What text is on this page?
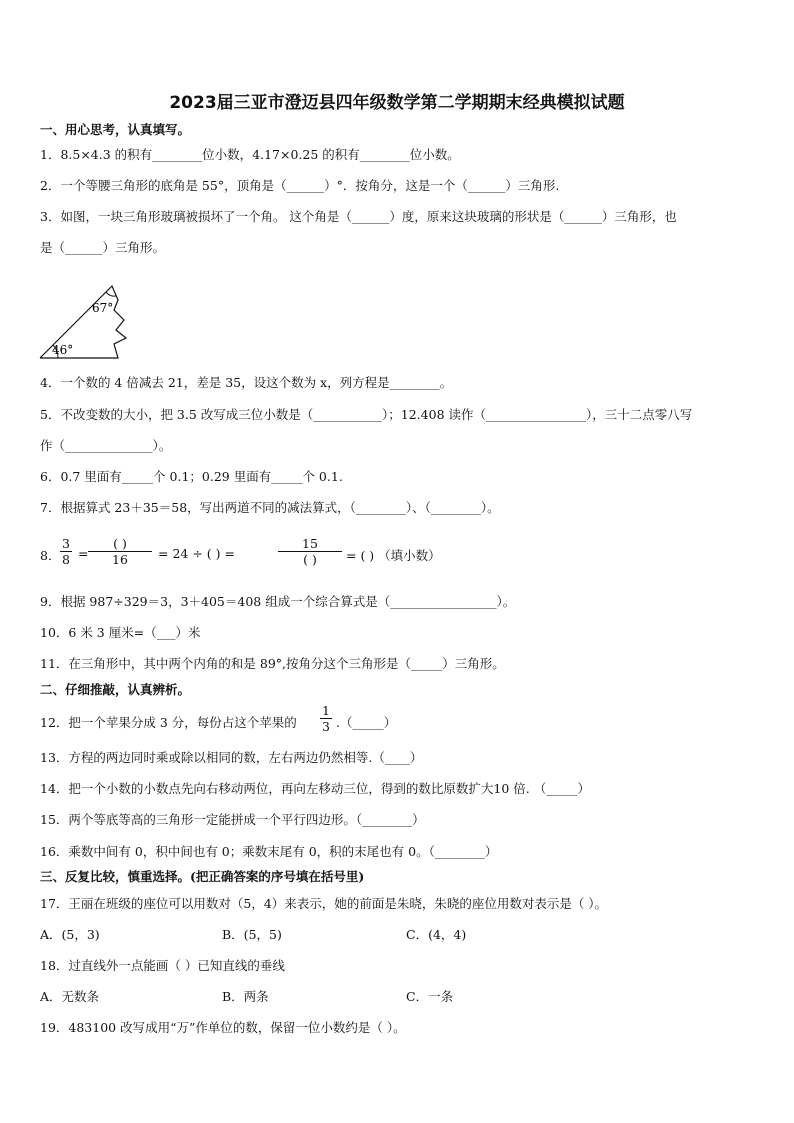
2023届三亚市澄迈县四年级数学第二学期期末经典模拟试题
一、用心思考，认真填写。
1．8.5×4.3 的积有________位小数，4.17×0.25 的积有________位小数。
2．一个等腰三角形的底角是 55°，顶角是（______）°．按角分，这是一个（______）三角形.
3．如图，一块三角形玻璃被损坏了一个角。 这个角是（______）度，原来这块玻璃的形状是（______）三角形，也
是（______）三角形。
67°
46°
4．一个数的 4 倍减去 21，差是 35，设这个数为 x，列方程是________。
5．不改变数的大小，把 3.5 改写成三位小数是（___________）；12.408 读作（________________），三十二点零八写
作（______________）。
6．0.7 里面有_____个 0.1；0.29 里面有_____个 0.1.
7．根据算式 23＋35＝58，写出两道不同的减法算式，（________）、（________）。
8． $\frac{3}{8}$ =
( )
16	= 24 ÷ ( ) =
15
( )	= ( ) （填小数）
9．根据 987÷329＝3，3＋405＝408 组成一个综合算式是（_________________）。
10．6 米 3 厘米=（___）米
11．在三角形中，其中两个内角的和是 89°,按角分这个三角形是（_____）三角形。
二、仔细推敲，认真辨析。
12．把一个苹果分成 3 分，每份占这个苹果的 $\frac{1}{3}$ .（_____）
13．方程的两边同时乘或除以相同的数，左右两边仍然相等.（____）
14．把一个小数的小数点先向右移动两位，再向左移动三位，得到的数比原数扩大10 倍. （_____）
15．两个等底等高的三角形一定能拼成一个平行四边形。（________）
16．乘数中间有 0，积中间也有 0；乘数末尾有 0，积的末尾也有 0。（________）
三、反复比较，慎重选择。(把正确答案的序号填在括号里)
17．王丽在班级的座位可以用数对（5，4）来表示，她的前面是朱晓，朱晓的座位用数对表示是（ ）。
A．(5，3)	B．(5，5)	C．(4，4)
18．过直线外一点能画（ ）已知直线的垂线
A．无数条	B．两条	C．一条
19．483100 改写成用“万”作单位的数，保留一位小数约是（ ）。
